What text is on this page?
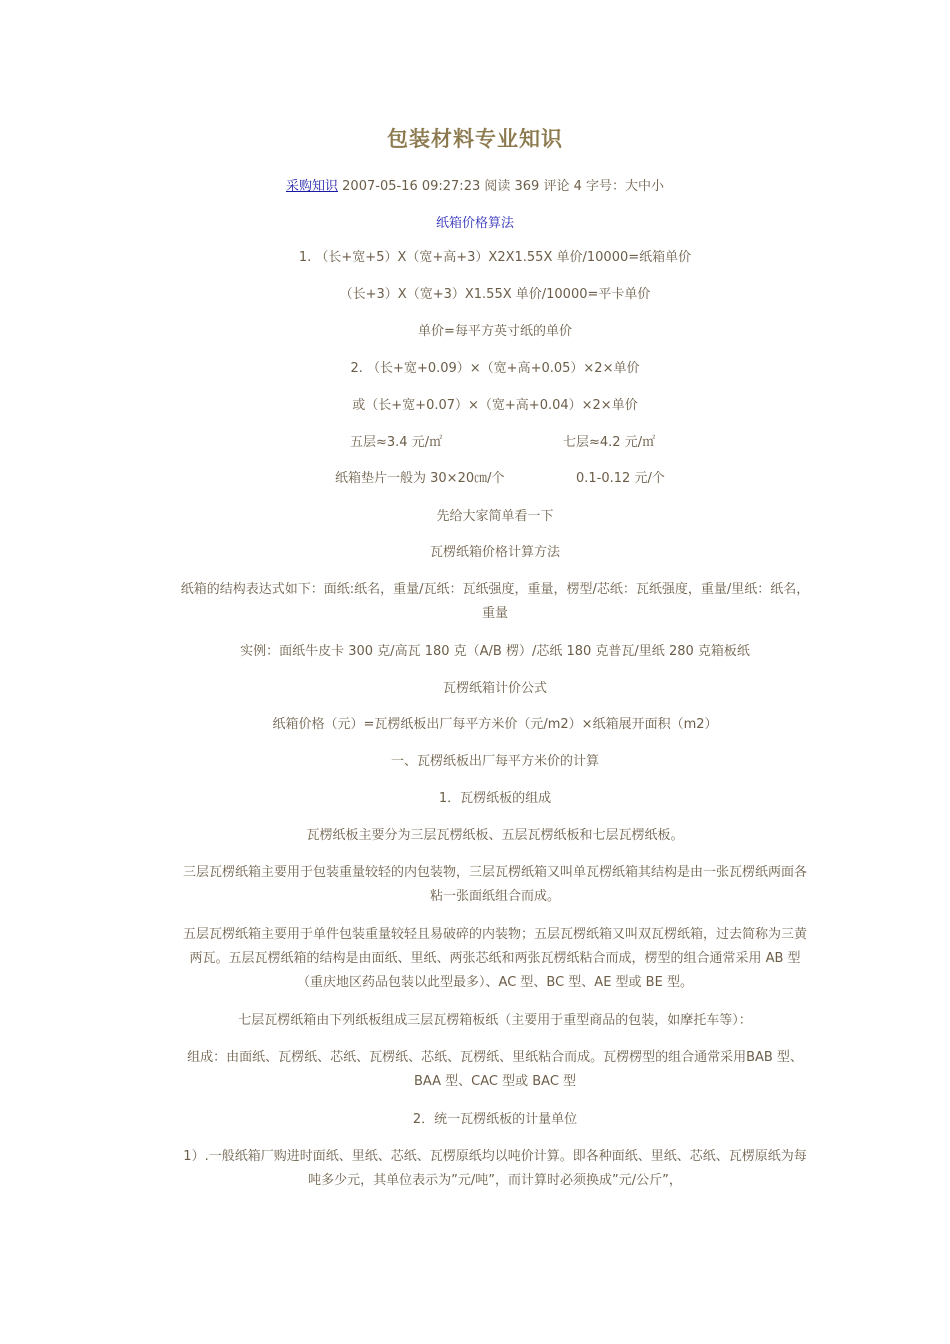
包装材料专业知识
采购知识 2007-05-16 09:27:23 阅读 369 评论 4 字号：大中小
纸箱价格算法
1. （长+宽+5）X（宽+高+3）X2X1.55X 单价/10000=纸箱单价
（长+3）X（宽+3）X1.55X 单价/10000=平卡单价
单价=每平方英寸纸的单价
2. （长+宽+0.09）×（宽+高+0.05）×2×单价
或（长+宽+0.07）×（宽+高+0.04）×2×单价
五层≈3.4 元/㎡	七层≈4.2 元/㎡
纸箱垫片一般为 30×20㎝/个	0.1-0.12 元/个
先给大家简单看一下
瓦楞纸箱价格计算方法
纸箱的结构表达式如下：面纸:纸名，重量/瓦纸：瓦纸强度，重量，楞型/芯纸：瓦纸强度，重量/里纸：纸名，重量
实例：面纸牛皮卡 300 克/高瓦 180 克（A/B 楞）/芯纸 180 克普瓦/里纸 280 克箱板纸
瓦楞纸箱计价公式
纸箱价格（元）=瓦楞纸板出厂每平方米价（元/m2）×纸箱展开面积（m2）
一、瓦楞纸板出厂每平方米价的计算
1．瓦楞纸板的组成
瓦楞纸板主要分为三层瓦楞纸板、五层瓦楞纸板和七层瓦楞纸板。
三层瓦楞纸箱主要用于包装重量较轻的内包装物，三层瓦楞纸箱又叫单瓦楞纸箱其结构是由一张瓦楞纸两面各粘一张面纸组合而成。
五层瓦楞纸箱主要用于单件包装重量较轻且易破碎的内装物；五层瓦楞纸箱又叫双瓦楞纸箱，过去简称为三黄两瓦。五层瓦楞纸箱的结构是由面纸、里纸、两张芯纸和两张瓦楞纸粘合而成，楞型的组合通常采用 AB 型（重庆地区药品包装以此型最多）、AC 型、BC 型、AE 型或 BE 型。
七层瓦楞纸箱由下列纸板组成三层瓦楞箱板纸（主要用于重型商品的包装，如摩托车等）：
组成：由面纸、瓦楞纸、芯纸、瓦楞纸、芯纸、瓦楞纸、里纸粘合而成。瓦楞楞型的组合通常采用BAB 型、BAA 型、CAC 型或 BAC 型
2．统一瓦楞纸板的计量单位
1）.一般纸箱厂购进时面纸、里纸、芯纸、瓦楞原纸均以吨价计算。即各种面纸、里纸、芯纸、瓦楞原纸为每吨多少元，其单位表示为”元/吨”，而计算时必须换成”元/公斤”，
